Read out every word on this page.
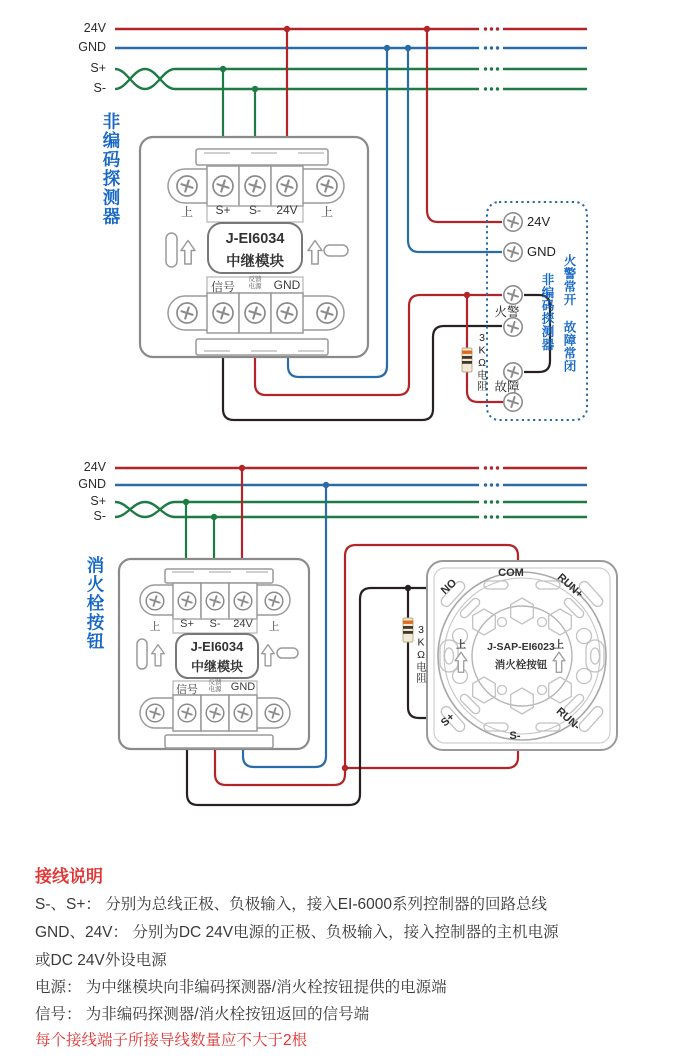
24V
GND
S+
S-
非编码探测器	上	S+	S-	24V	上
J-EI6034
中继模块
信号
反馈
电源	GND
3KΩ电阻
24V
GND
火警
故障
火警常开 故障常闭
非编码探测器
24V
GND
S+
S-
消火栓按钮	上	S+	S-	24V	上
J-EI6034
中继模块
信号
反馈
电源 GND
3KΩ电阻
NO
COM	RUN+
S+
S-
RUN-
J-SAP-EI6023
消火栓按钮
上	上
接线说明
S-、S+： 分别为总线正极、负极输入，接入EI-6000系列控制器的回路总线
GND、24V： 分别为DC 24V电源的正极、负极输入，接入控制器的主机电源
或DC 24V外设电源
电源： 为中继模块向非编码探测器/消火栓按钮提供的电源端
信号： 为非编码探测器/消火栓按钮返回的信号端
每个接线端子所接导线数量应不大于2根
